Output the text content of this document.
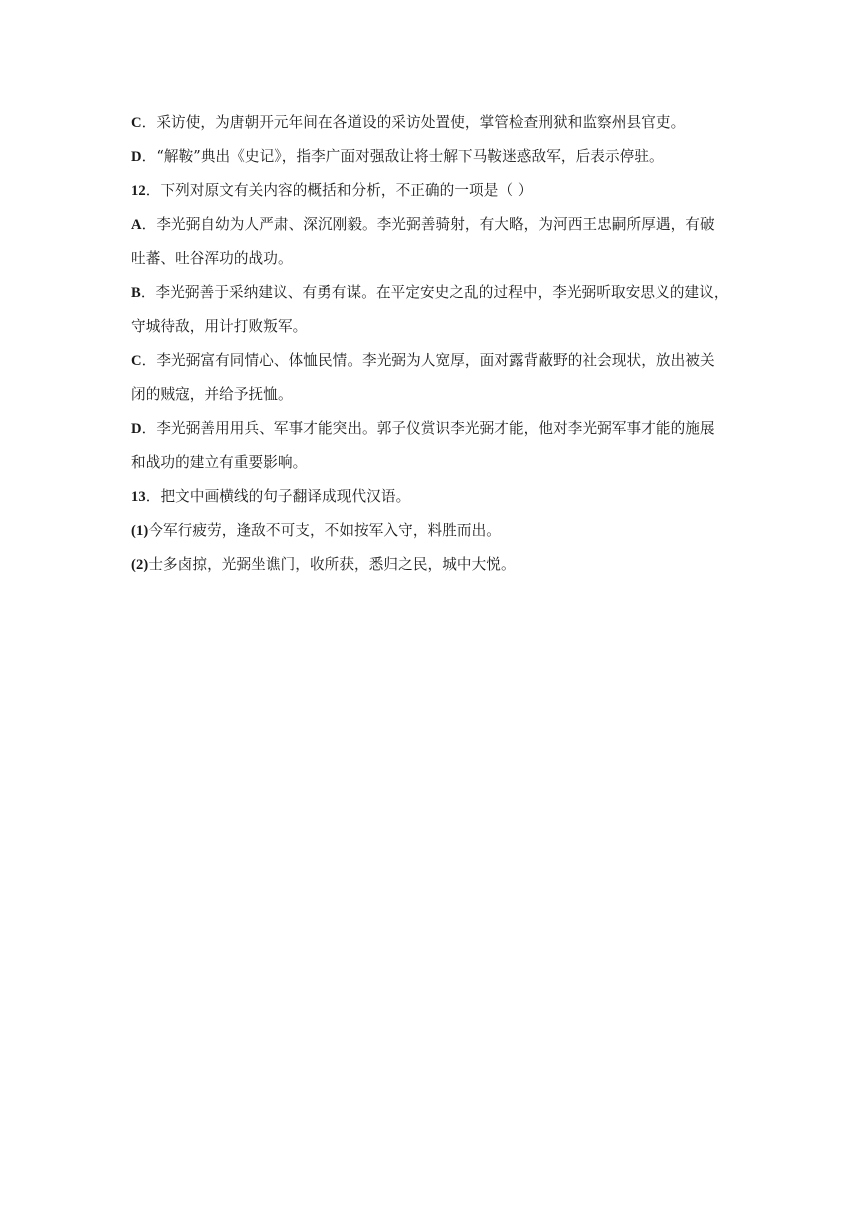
C．采访使，为唐朝开元年间在各道设的采访处置使，掌管检查刑狱和监察州县官吏。
D．“解鞍”典出《史记》，指李广面对强敌让将士解下马鞍迷惑敌军，后表示停驻。
12．下列对原文有关内容的概括和分析，不正确的一项是（ ）
A．李光弼自幼为人严肃、深沉刚毅。李光弼善骑射，有大略，为河西王忠嗣所厚遇，有破
吐蕃、吐谷浑功的战功。
B．李光弼善于采纳建议、有勇有谋。在平定安史之乱的过程中，李光弼听取安思义的建议，
守城待敌，用计打败叛军。
C．李光弼富有同情心、体恤民情。李光弼为人宽厚，面对露背蔽野的社会现状，放出被关
闭的贼寇，并给予抚恤。
D．李光弼善用用兵、军事才能突出。郭子仪赏识李光弼才能，他对李光弼军事才能的施展
和战功的建立有重要影响。
13．把文中画横线的句子翻译成现代汉语。
(1)今军行疲劳，逢敌不可支，不如按军入守，料胜而出。
(2)士多卤掠，光弼坐谯门，收所获，悉归之民，城中大悦。
